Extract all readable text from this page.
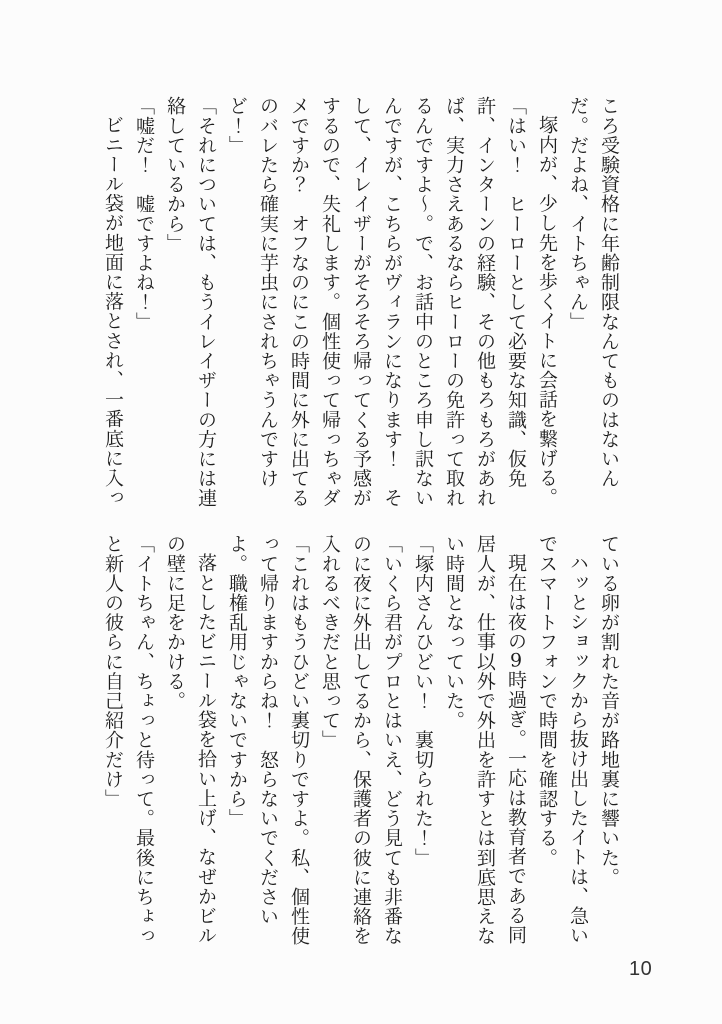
ころ受験資格に年齢制限なんてものはないん
だ。だよね、イトちゃん」
塚内が、少し先を歩くイトに会話を繋げる。
「はい！　ヒーローとして必要な知識、仮免
許、インターンの経験、その他もろもろがあれ
ば、実力さえあるならヒーローの免許って取れ
るんですよ～。で、お話中のところ申し訳ない
んですが、こちらがヴィランになります！　そ
して、イレイザーがそろそろ帰ってくる予感が
するので、失礼します。個性使って帰っちゃダ
メですか？　オフなのにこの時間に外に出てる
のバレたら確実に芋虫にされちゃうんですけ
ど！」
「それについては、もうイレイザーの方には連
絡しているから」
「嘘だ！　嘘ですよね！」
ビニール袋が地面に落とされ、一番底に入っ
ている卵が割れた音が路地裏に響いた。
ハッとショックから抜け出したイトは、急い
でスマートフォンで時間を確認する。
現在は夜の9時過ぎ。一応は教育者である同
居人が、仕事以外で外出を許すとは到底思えな
い時間となっていた。
「塚内さんひどい！　裏切られた！」
「いくら君がプロとはいえ、どう見ても非番な
のに夜に外出してるから、保護者の彼に連絡を
入れるべきだと思って」
「これはもうひどい裏切りですよ。私、個性使
って帰りますからね！　怒らないでください
よ。職権乱用じゃないですから」
落としたビニール袋を拾い上げ、なぜかビル
の壁に足をかける。
「イトちゃん、ちょっと待って。最後にちょっ
と新人の彼らに自己紹介だけ」
10
